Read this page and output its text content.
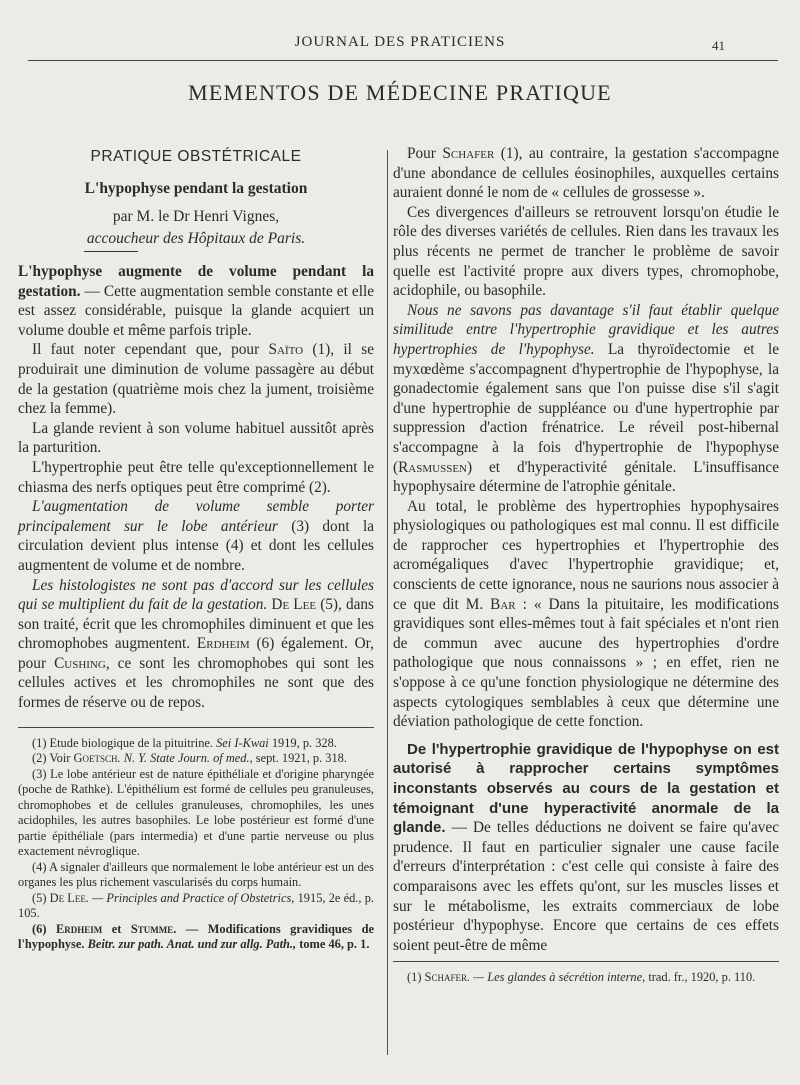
JOURNAL DES PRATICIENS	41
MEMENTOS DE MÉDECINE PRATIQUE
PRATIQUE OBSTÉTRICALE
L'hypophyse pendant la gestation
par M. le Dr Henri Vignes,
accoucheur des Hôpitaux de Paris.

L'hypophyse augmente de volume pendant la gestation. — Cette augmentation semble constante et elle est assez considérable, puisque la glande acquiert un volume double et même parfois triple.

Il faut noter cependant que, pour Saïto (1), il se produirait une diminution de volume passagère au début de la gestation (quatrième mois chez la jument, troisième chez la femme).

La glande revient à son volume habituel aussitôt après la parturition.

L'hypertrophie peut être telle qu'exceptionnellement le chiasma des nerfs optiques peut être comprimé (2).

L'augmentation de volume semble porter principalement sur le lobe antérieur (3) dont la circulation devient plus intense (4) et dont les cellules augmentent de volume et de nombre.

Les histologistes ne sont pas d'accord sur les cellules qui se multiplient du fait de la gestation. De Lee (5), dans son traité, écrit que les chromophiles diminuent et que les chromophobes augmentent. Erdheim (6) également. Or, pour Cushing, ce sont les chromophobes qui sont les cellules actives et les chromophiles ne sont que des formes de réserve ou de repos.

(1) Etude biologique de la pituitrine. Sei I-Kwai 1919, p. 328.

(2) Voir Goetsch. N. Y. State Journ. of med., sept. 1921, p. 318.

(3) Le lobe antérieur est de nature épithéliale et d'origine pharyngée (poche de Rathke). L'épithélium est formé de cellules peu granuleuses, chromophobes et de cellules granuleuses, chromophiles, les unes acidophiles, les autres basophiles. Le lobe postérieur est formé d'une partie épithéliale (pars intermedia) et d'une partie nerveuse ou plus exactement névroglique.

(4) A signaler d'ailleurs que normalement le lobe antérieur est un des organes les plus richement vascularisés du corps humain.

(5) De Lee. — Principles and Practice of Obstetrics, 1915, 2e éd., p. 105.

(6) Erdheim et Stumme. — Modifications gravidiques de l'hypophyse. Beitr. zur path. Anat. und zur allg. Path., tome 46, p. 1.

Pour Schafer (1), au contraire, la gestation s'accompagne d'une abondance de cellules éosinophiles, auxquelles certains auraient donné le nom de « cellules de grossesse ».

Ces divergences d'ailleurs se retrouvent lorsqu'on étudie le rôle des diverses variétés de cellules. Rien dans les travaux les plus récents ne permet de trancher le problème de savoir quelle est l'activité propre aux divers types, chromophobe, acidophile, ou basophile.

Nous ne savons pas davantage s'il faut établir quelque similitude entre l'hypertrophie gravidique et les autres hypertrophies de l'hypophyse. La thyroïdectomie et le myxœdème s'accompagnent d'hypertrophie de l'hypophyse, la gonadectomie également sans que l'on puisse dise s'il s'agit d'une hypertrophie de suppléance ou d'une hypertrophie par suppression d'action frénatrice. Le réveil post-hibernal s'accompagne à la fois d'hypertrophie de l'hypophyse (Rasmussen) et d'hyperactivité génitale. L'insuffisance hypophysaire détermine de l'atrophie génitale.

Au total, le problème des hypertrophies hypophysaires physiologiques ou pathologiques est mal connu. Il est difficile de rapprocher ces hypertrophies et l'hypertrophie des acromégaliques d'avec l'hypertrophie gravidique; et, conscients de cette ignorance, nous ne saurions nous associer à ce que dit M. Bar : « Dans la pituitaire, les modifications gravidiques sont elles-mêmes tout à fait spéciales et n'ont rien de commun avec aucune des hypertrophies d'ordre pathologique que nous connaissons » ; en effet, rien ne s'oppose à ce qu'une fonction physiologique ne détermine des aspects cytologiques semblables à ceux que détermine une déviation pathologique de cette fonction.

De l'hypertrophie gravidique de l'hypophyse on est autorisé à rapprocher certains symptômes inconstants observés au cours de la gestation et témoignant d'une hyperactivité anormale de la glande. — De telles déductions ne doivent se faire qu'avec prudence. Il faut en particulier signaler une cause facile d'erreurs d'interprétation : c'est celle qui consiste à faire des comparaisons avec les effets qu'ont, sur les muscles lisses et sur le métabolisme, les extraits commerciaux de lobe postérieur d'hypophyse. Encore que certains de ces effets soient peut-être de même

(1) Schafer. — Les glandes à sécrétion interne, trad. fr., 1920, p. 110.
